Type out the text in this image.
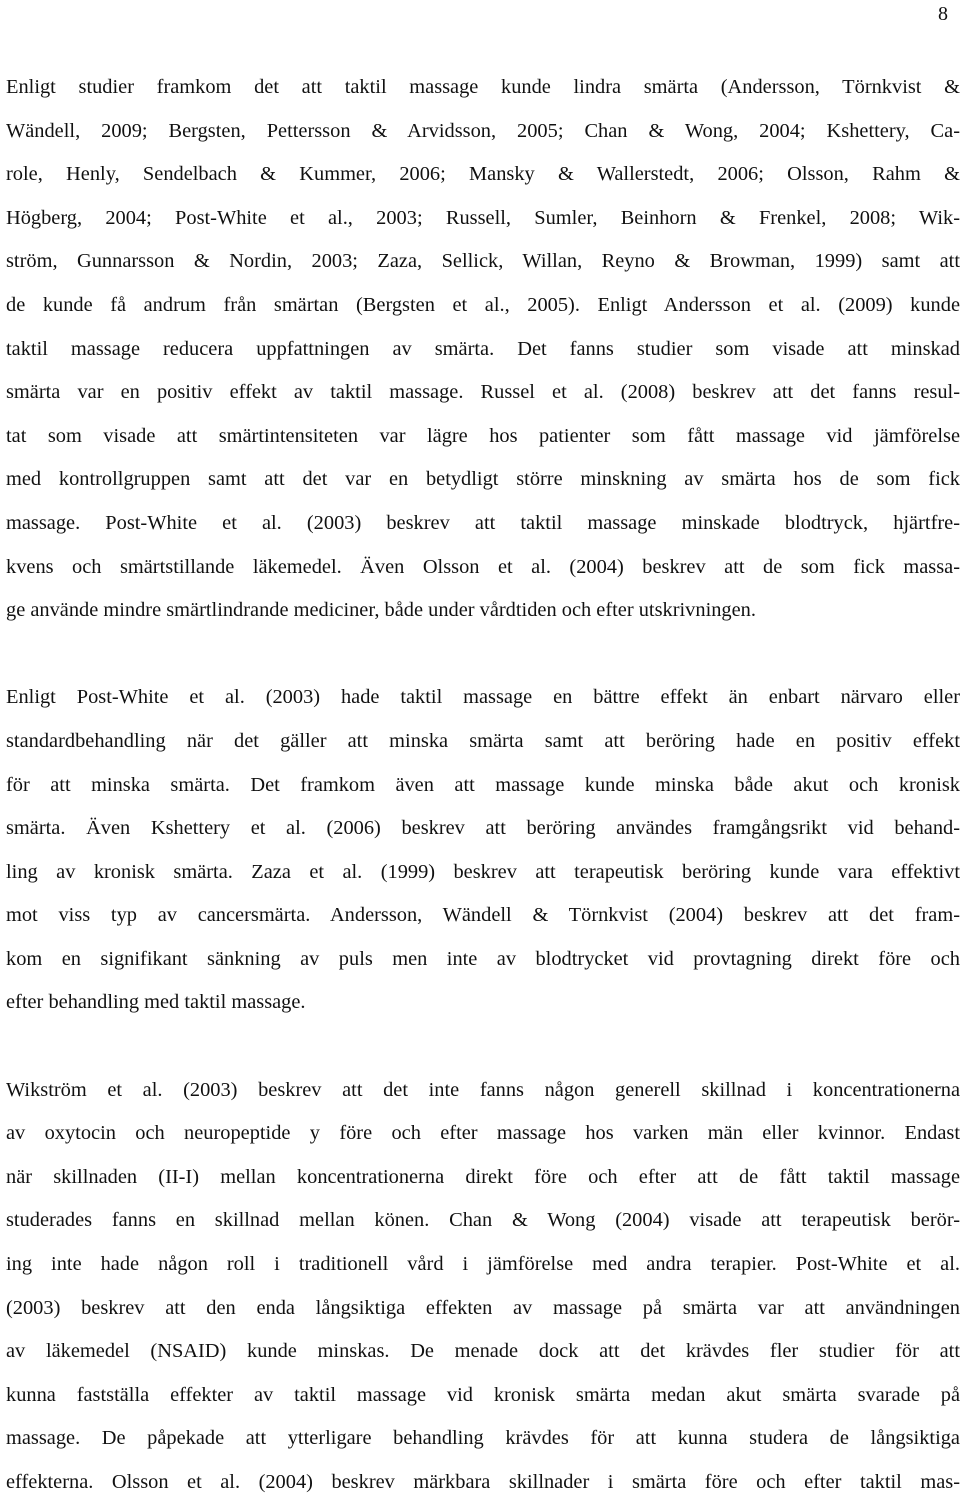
8
Enligt studier framkom det att taktil massage kunde lindra smärta (Andersson, Törnkvist &
Wändell, 2009; Bergsten, Pettersson & Arvidsson, 2005; Chan & Wong, 2004; Kshettery, Ca-
role, Henly, Sendelbach & Kummer, 2006; Mansky & Wallerstedt, 2006; Olsson, Rahm &
Högberg, 2004; Post-White et al., 2003; Russell, Sumler, Beinhorn & Frenkel, 2008; Wik-
ström, Gunnarsson & Nordin, 2003; Zaza, Sellick, Willan, Reyno & Browman, 1999) samt att
de kunde få andrum från smärtan (Bergsten et al., 2005). Enligt Andersson et al. (2009) kunde
taktil massage reducera uppfattningen av smärta. Det fanns studier som visade att minskad
smärta var en positiv effekt av taktil massage. Russel et al. (2008) beskrev att det fanns resul-
tat som visade att smärtintensiteten var lägre hos patienter som fått massage vid jämförelse
med kontrollgruppen samt att det var en betydligt större minskning av smärta hos de som fick
massage. Post-White et al. (2003) beskrev att taktil massage minskade blodtryck, hjärtfre-
kvens och smärtstillande läkemedel. Även Olsson et al. (2004) beskrev att de som fick massa-
ge använde mindre smärtlindrande mediciner, både under vårdtiden och efter utskrivningen.
Enligt Post-White et al. (2003) hade taktil massage en bättre effekt än enbart närvaro eller
standardbehandling när det gäller att minska smärta samt att beröring hade en positiv effekt
för att minska smärta. Det framkom även att massage kunde minska både akut och kronisk
smärta. Även Kshettery et al. (2006) beskrev att beröring användes framgångsrikt vid behand-
ling av kronisk smärta. Zaza et al. (1999) beskrev att terapeutisk beröring kunde vara effektivt
mot viss typ av cancersmärta. Andersson, Wändell & Törnkvist (2004) beskrev att det fram-
kom en signifikant sänkning av puls men inte av blodtrycket vid provtagning direkt före och
efter behandling med taktil massage.
Wikström et al. (2003) beskrev att det inte fanns någon generell skillnad i koncentrationerna
av oxytocin och neuropeptide y före och efter massage hos varken män eller kvinnor. Endast
när skillnaden (II-I) mellan koncentrationerna direkt före och efter att de fått taktil massage
studerades fanns en skillnad mellan könen. Chan & Wong (2004) visade att terapeutisk berör-
ing inte hade någon roll i traditionell vård i jämförelse med andra terapier. Post-White et al.
(2003) beskrev att den enda långsiktiga effekten av massage på smärta var att användningen
av läkemedel (NSAID) kunde minskas. De menade dock att det krävdes fler studier för att
kunna fastställa effekter av taktil massage vid kronisk smärta medan akut smärta svarade på
massage. De påpekade att ytterligare behandling krävdes för att kunna studera de långsiktiga
effekterna. Olsson et al. (2004) beskrev märkbara skillnader i smärta före och efter taktil mas-
